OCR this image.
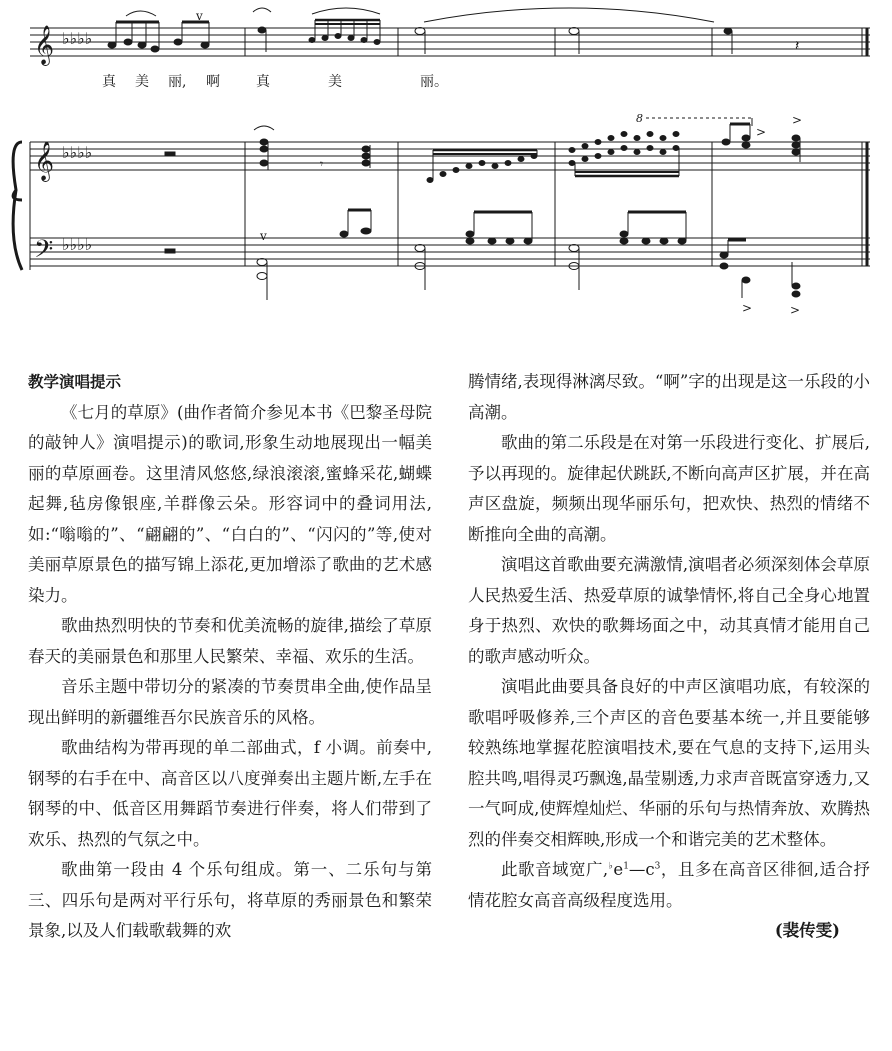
𝄞 ♭♭♭♭
v
𝄽
真 美 丽, 啊	真	美	丽。
𝄞 ♭♭♭♭
𝄢 ♭♭♭♭
𝄾
v
8
>
>
>	>

教学演唱提示

《七月的草原》(曲作者简介参见本书《巴黎圣母院的敲钟人》演唱提示)的歌词,形象生动地展现出一幅美丽的草原画卷。这里清风悠悠,绿浪滚滚,蜜蜂采花,蝴蝶起舞,毡房像银座,羊群像云朵。形容词中的叠词用法,如:“嗡嗡的”、“翩翩的”、“白白的”、“闪闪的”等,使对美丽草原景色的描写锦上添花,更加增添了歌曲的艺术感染力。

歌曲热烈明快的节奏和优美流畅的旋律,描绘了草原春天的美丽景色和那里人民繁荣、幸福、欢乐的生活。

音乐主题中带切分的紧凑的节奏贯串全曲,使作品呈现出鲜明的新疆维吾尔民族音乐的风格。

歌曲结构为带再现的单二部曲式，f 小调。前奏中,钢琴的右手在中、高音区以八度弹奏出主题片断,左手在钢琴的中、低音区用舞蹈节奏进行伴奏，将人们带到了欢乐、热烈的气氛之中。

歌曲第一段由 4 个乐句组成。第一、二乐句与第三、四乐句是两对平行乐句，将草原的秀丽景色和繁荣景象,以及人们载歌载舞的欢

腾情绪,表现得淋漓尽致。“啊”字的出现是这一乐段的小高潮。

歌曲的第二乐段是在对第一乐段进行变化、扩展后,予以再现的。旋律起伏跳跃,不断向高声区扩展，并在高声区盘旋，频频出现华丽乐句，把欢快、热烈的情绪不断推向全曲的高潮。

演唱这首歌曲要充满激情,演唱者必须深刻体会草原人民热爱生活、热爱草原的诚挚情怀,将自己全身心地置身于热烈、欢快的歌舞场面之中，动其真情才能用自己的歌声感动听众。

演唱此曲要具备良好的中声区演唱功底，有较深的歌唱呼吸修养,三个声区的音色要基本统一,并且要能够较熟练地掌握花腔演唱技术,要在气息的支持下,运用头腔共鸣,唱得灵巧飘逸,晶莹剔透,力求声音既富穿透力,又一气呵成,使辉煌灿烂、华丽的乐句与热情奔放、欢腾热烈的伴奏交相辉映,形成一个和谐完美的艺术整体。

此歌音域宽广$,^♭e^1—c^3$，且多在高音区徘徊,适合抒情花腔女高音高级程度选用。

(裴传雯)
